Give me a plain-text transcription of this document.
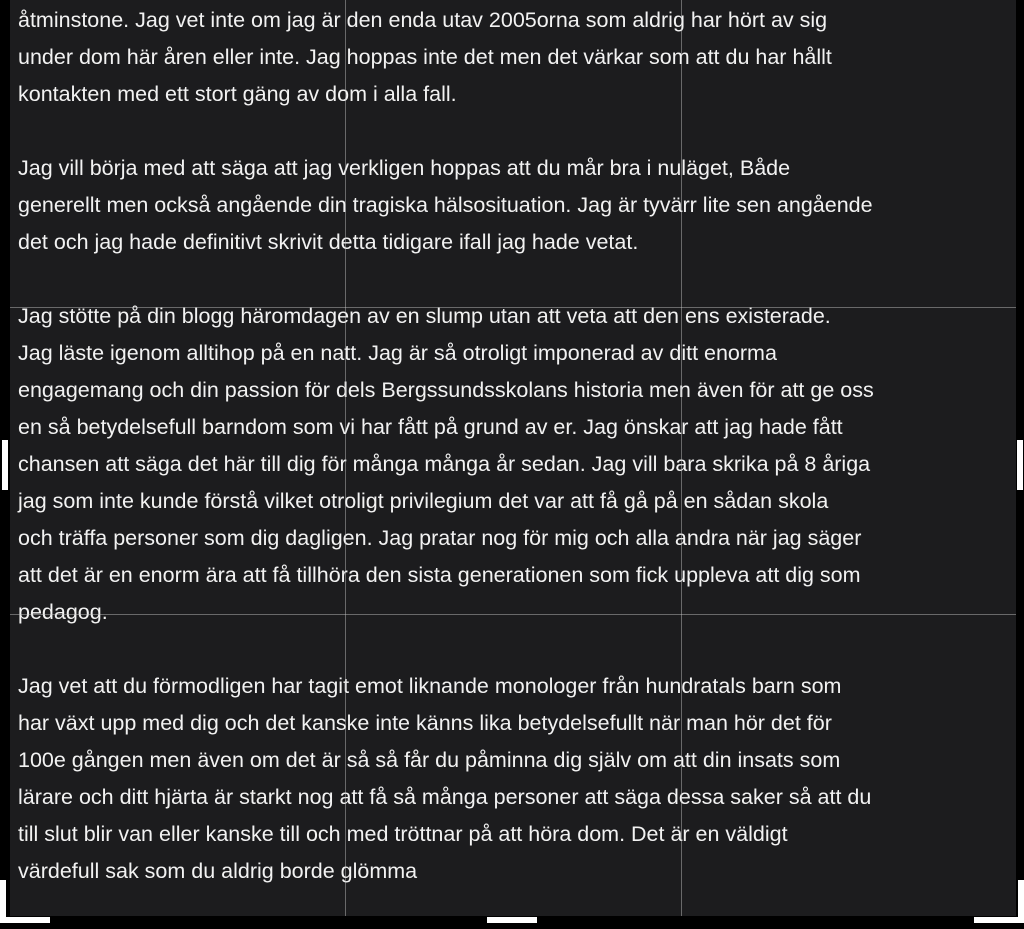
åtminstone. Jag vet inte om jag är den enda utav 2005orna som aldrig har hört av sig
under dom här åren eller inte. Jag hoppas inte det men det värkar som att du har hållt
kontakten med ett stort gäng av dom i alla fall.

Jag vill börja med att säga att jag verkligen hoppas att du mår bra i nuläget, Både
generellt men också angående din tragiska hälsosituation. Jag är tyvärr lite sen angående
det och jag hade definitivt skrivit detta tidigare ifall jag hade vetat.

Jag stötte på din blogg häromdagen av en slump utan att veta att den ens existerade.
Jag läste igenom alltihop på en natt. Jag är så otroligt imponerad av ditt enorma
engagemang och din passion för dels Bergssundsskolans historia men även för att ge oss
en så betydelsefull barndom som vi har fått på grund av er. Jag önskar att jag hade fått
chansen att säga det här till dig för många många år sedan. Jag vill bara skrika på 8 åriga
jag som inte kunde förstå vilket otroligt privilegium det var att få gå på en sådan skola
och träffa personer som dig dagligen. Jag pratar nog för mig och alla andra när jag säger
att det är en enorm ära att få tillhöra den sista generationen som fick uppleva att dig som
pedagog.

Jag vet att du förmodligen har tagit emot liknande monologer från hundratals barn som
har växt upp med dig och det kanske inte känns lika betydelsefullt när man hör det för
100e gången men även om det är så så får du påminna dig själv om att din insats som
lärare och ditt hjärta är starkt nog att få så många personer att säga dessa saker så att du
till slut blir van eller kanske till och med tröttnar på att höra dom. Det är en väldigt
värdefull sak som du aldrig borde glömma
